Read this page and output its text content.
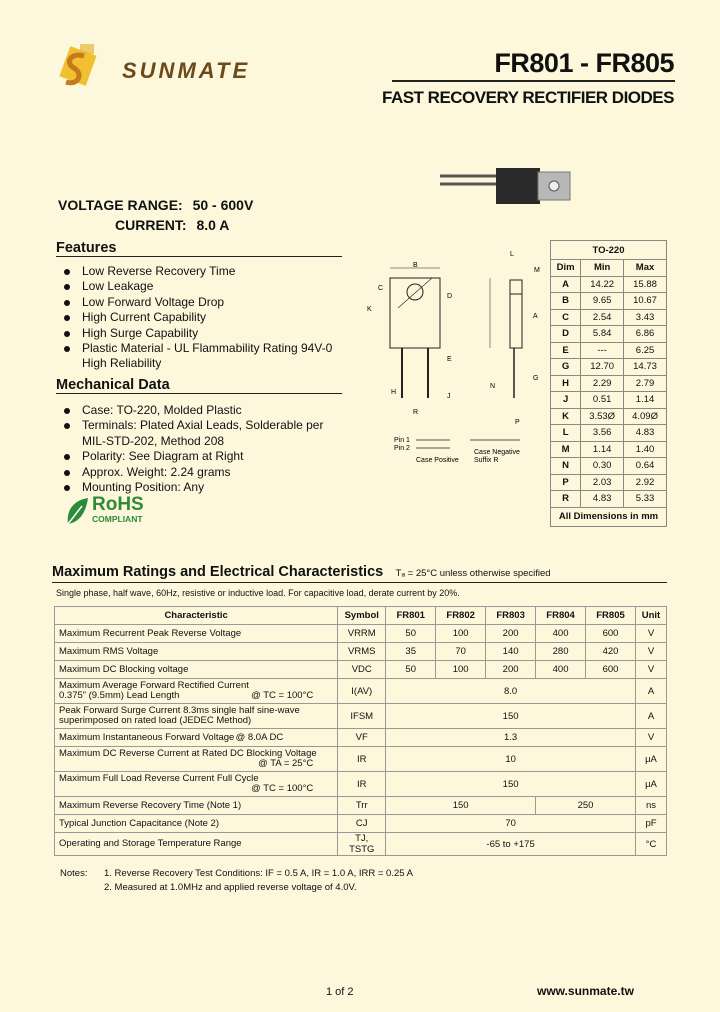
SUNMATE	FR801 - FR805
FAST RECOVERY RECTIFIER DIODES
VOLTAGE RANGE: 50 - 600V
CURRENT: 8.0 A
Features
Low Reverse Recovery Time
Low Leakage
Low Forward Voltage Drop
High Current Capability
High Surge Capability
Plastic Material - UL Flammability Rating 94V-0
High Reliability
Mechanical Data
Case: TO-220, Molded Plastic
Terminals: Plated Axial Leads, Solderable per
MIL-STD-202, Method 208
Polarity: See Diagram at Right
Approx. Weight: 2.24 grams
Mounting Position: Any
RoHS
COMPLIANT
B
C
D
K
E
H
J
R
L
M
A
G
N
P
Pin 1
Pin 2
Case Positive
Case Negative
Suffix R
TO-220		
Dim	Min	Max
A	14.22	15.88
B	9.65	10.67
C	2.54	3.43
D	5.84	6.86
E	---	6.25
G	12.70	14.73
H	2.29	2.79
J	0.51	1.14
K	3.53Ø	4.09Ø
L	3.56	4.83
M	1.14	1.40
N	0.30	0.64
P	2.03	2.92
R	4.83	5.33
All Dimensions in mm		
Maximum Ratings and Electrical Characteristics Tₐ = 25°C unless otherwise specified
Single phase, half wave, 60Hz, resistive or inductive load. For capacitive load, derate current by 20%.
Characteristic	Symbol	FR801	FR802	FR803	FR804	FR805	Unit
Maximum Recurrent Peak Reverse Voltage	VRRM	50	100	200	400	600	V
Maximum RMS Voltage	VRMS	35	70	140	280	420	V
Maximum DC Blocking voltage	VDC	50	100	200	400	600	V

Maximum Average Forward Rectified Current
0.375” (9.5mm) Lead Length @ TC = 100°C	I(AV)	8.0					A

Peak Forward Surge Current 8.3ms single half sine-wave
superimposed on rated load (JEDEC Method)	IFSM	150					A
Maximum Instantaneous Forward Voltage @ 8.0A DC	VF	1.3					V

Maximum DC Reverse Current at Rated DC Blocking Voltage
@ TA = 25°C	IR	10					μA

Maximum Full Load Reverse Current Full Cycle
@ TC = 100°C	IR	150					μA
Maximum Reverse Recovery Time (Note 1)	Trr	150			250		ns
Typical Junction Capacitance (Note 2)	CJ	70					pF
Operating and Storage Temperature Range	TJ, TSTG	-65 to +175					°C
Notes: 1. Reverse Recovery Test Conditions: IF = 0.5 A, IR = 1.0 A, IRR = 0.25 A
2. Measured at 1.0MHz and applied reverse voltage of 4.0V.
1 of 2	www.sunmate.tw
